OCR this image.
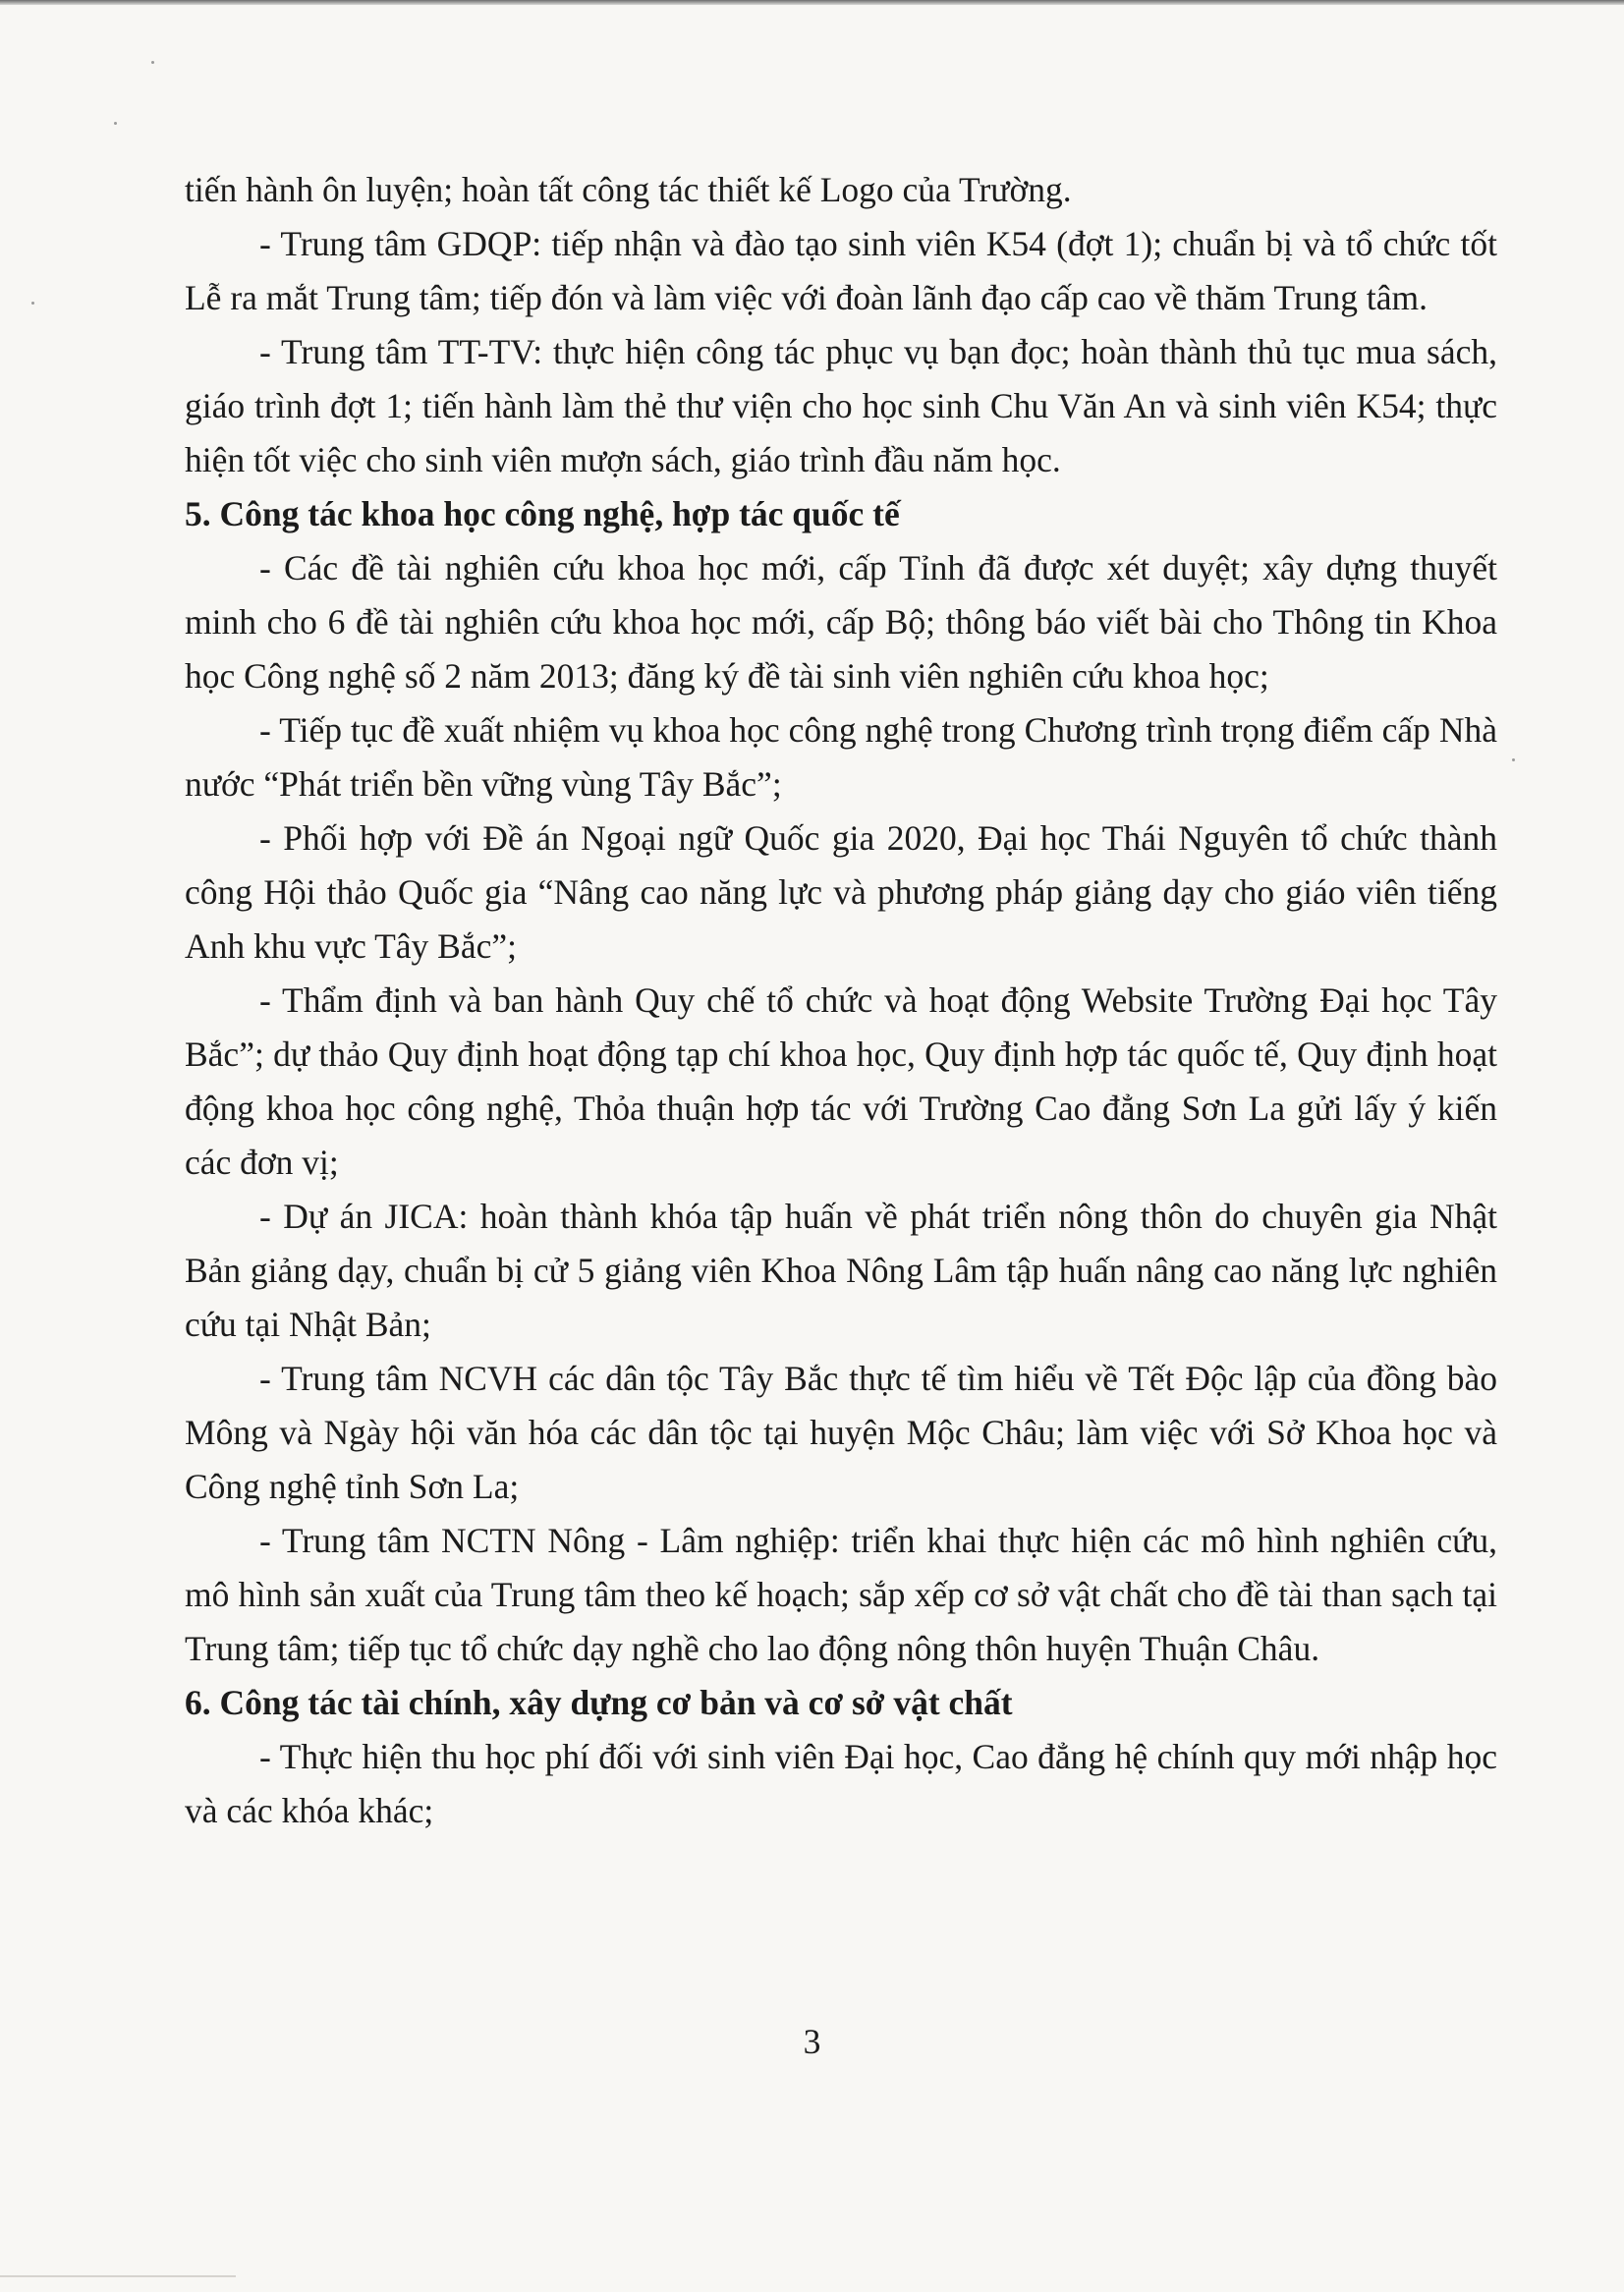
tiến hành ôn luyện; hoàn tất công tác thiết kế Logo của Trường.

- Trung tâm GDQP: tiếp nhận và đào tạo sinh viên K54 (đợt 1); chuẩn bị và tổ chức tốt Lễ ra mắt Trung tâm; tiếp đón và làm việc với đoàn lãnh đạo cấp cao về thăm Trung tâm.

- Trung tâm TT-TV: thực hiện công tác phục vụ bạn đọc; hoàn thành thủ tục mua sách, giáo trình đợt 1; tiến hành làm thẻ thư viện cho học sinh Chu Văn An và sinh viên K54; thực hiện tốt việc cho sinh viên mượn sách, giáo trình đầu năm học.

5. Công tác khoa học công nghệ, hợp tác quốc tế

- Các đề tài nghiên cứu khoa học mới, cấp Tỉnh đã được xét duyệt; xây dựng thuyết minh cho 6 đề tài nghiên cứu khoa học mới, cấp Bộ; thông báo viết bài cho Thông tin Khoa học Công nghệ số 2 năm 2013; đăng ký đề tài sinh viên nghiên cứu khoa học;

- Tiếp tục đề xuất nhiệm vụ khoa học công nghệ trong Chương trình trọng điểm cấp Nhà nước “Phát triển bền vững vùng Tây Bắc”;

- Phối hợp với Đề án Ngoại ngữ Quốc gia 2020, Đại học Thái Nguyên tổ chức thành công Hội thảo Quốc gia “Nâng cao năng lực và phương pháp giảng dạy cho giáo viên tiếng Anh khu vực Tây Bắc”;

- Thẩm định và ban hành Quy chế tổ chức và hoạt động Website Trường Đại học Tây Bắc”; dự thảo Quy định hoạt động tạp chí khoa học, Quy định hợp tác quốc tế, Quy định hoạt động khoa học công nghệ, Thỏa thuận hợp tác với Trường Cao đẳng Sơn La gửi lấy ý kiến các đơn vị;

- Dự án JICA: hoàn thành khóa tập huấn về phát triển nông thôn do chuyên gia Nhật Bản giảng dạy, chuẩn bị cử 5 giảng viên Khoa Nông Lâm tập huấn nâng cao năng lực nghiên cứu tại Nhật Bản;

- Trung tâm NCVH các dân tộc Tây Bắc thực tế tìm hiểu về Tết Độc lập của đồng bào Mông và Ngày hội văn hóa các dân tộc tại huyện Mộc Châu; làm việc với Sở Khoa học và Công nghệ tỉnh Sơn La;

- Trung tâm NCTN Nông - Lâm nghiệp: triển khai thực hiện các mô hình nghiên cứu, mô hình sản xuất của Trung tâm theo kế hoạch; sắp xếp cơ sở vật chất cho đề tài than sạch tại Trung tâm; tiếp tục tổ chức dạy nghề cho lao động nông thôn huyện Thuận Châu.

6. Công tác tài chính, xây dựng cơ bản và cơ sở vật chất

- Thực hiện thu học phí đối với sinh viên Đại học, Cao đẳng hệ chính quy mới nhập học và các khóa khác;

3
